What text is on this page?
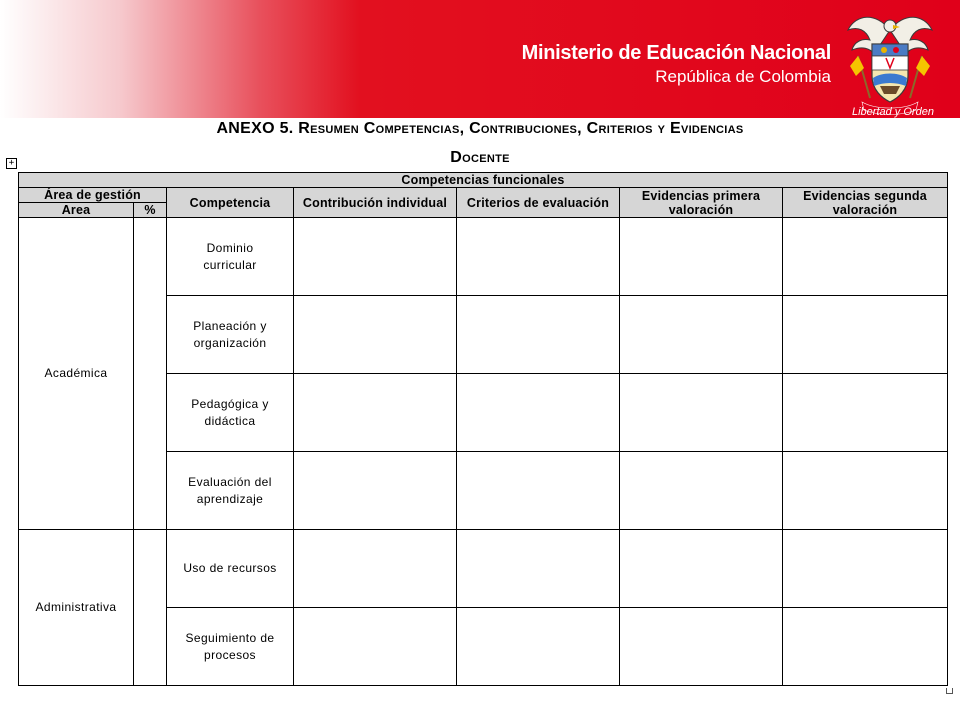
Ministerio de Educación Nacional
República de Colombia
Libertad y Orden
ANEXO 5. Resumen Competencias, Contribuciones, Criterios y Evidencias
Docente
+
Competencias funcionales						
Área de gestión		Competencia	Contribución individual	Criterios de evaluación	Evidencias primera valoración	Evidencias segunda valoración
Area	%					
Académica		Dominio curricular				
		Planeación y organización				
		Pedagógica y didáctica				
		Evaluación del aprendizaje				
Administrativa		Uso de recursos				
		Seguimiento de procesos				
